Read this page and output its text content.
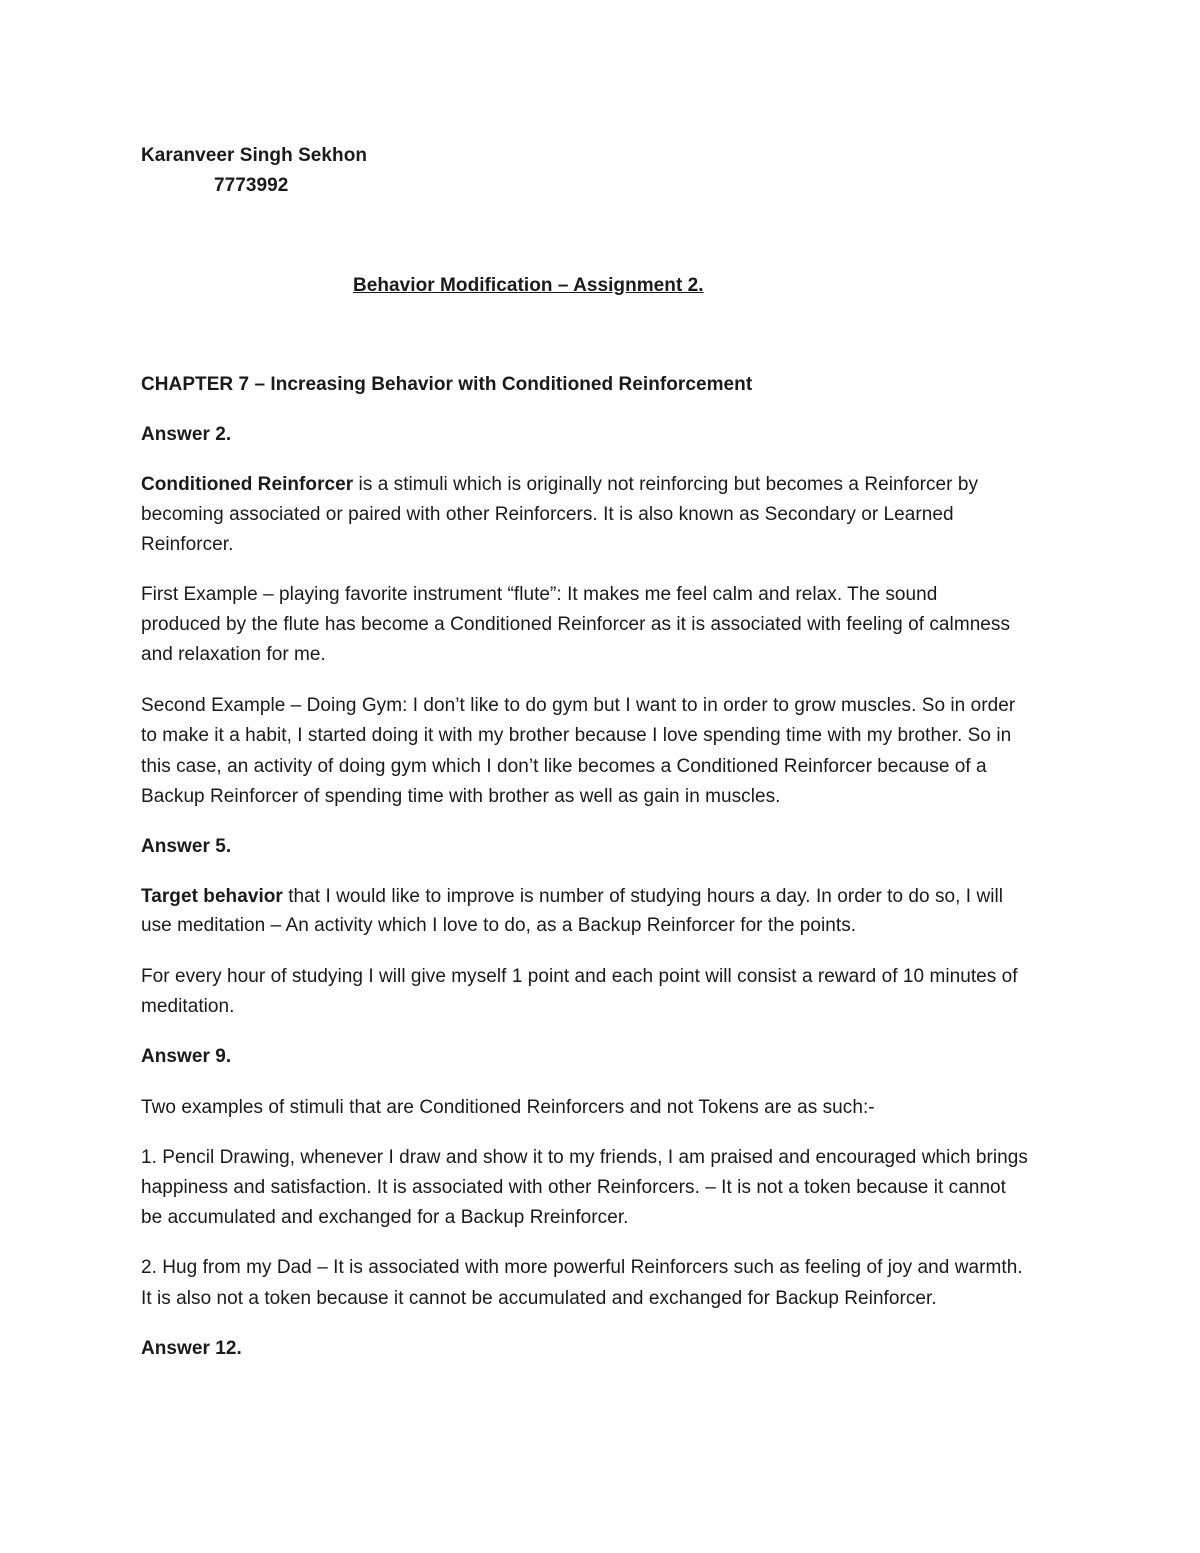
Karanveer Singh Sekhon
7773992
Behavior Modification – Assignment 2.
CHAPTER 7 – Increasing Behavior with Conditioned Reinforcement
Answer 2.
Conditioned Reinforcer is a stimuli which is originally not reinforcing but becomes a Reinforcer by
becoming associated or paired with other Reinforcers. It is also known as Secondary or Learned
Reinforcer.
First Example – playing favorite instrument “flute”: It makes me feel calm and relax. The sound
produced by the flute has become a Conditioned Reinforcer as it is associated with feeling of calmness
and relaxation for me.
Second Example – Doing Gym: I don’t like to do gym but I want to in order to grow muscles. So in order
to make it a habit, I started doing it with my brother because I love spending time with my brother. So in
this case, an activity of doing gym which I don’t like becomes a Conditioned Reinforcer because of a
Backup Reinforcer of spending time with brother as well as gain in muscles.
Answer 5.
Target behavior that I would like to improve is number of studying hours a day. In order to do so, I will
use meditation – An activity which I love to do, as a Backup Reinforcer for the points.
For every hour of studying I will give myself 1 point and each point will consist a reward of 10 minutes of
meditation.
Answer 9.
Two examples of stimuli that are Conditioned Reinforcers and not Tokens are as such:-
1. Pencil Drawing, whenever I draw and show it to my friends, I am praised and encouraged which brings
happiness and satisfaction. It is associated with other Reinforcers. – It is not a token because it cannot
be accumulated and exchanged for a Backup Rreinforcer.
2. Hug from my Dad – It is associated with more powerful Reinforcers such as feeling of joy and warmth.
It is also not a token because it cannot be accumulated and exchanged for Backup Reinforcer.
Answer 12.
